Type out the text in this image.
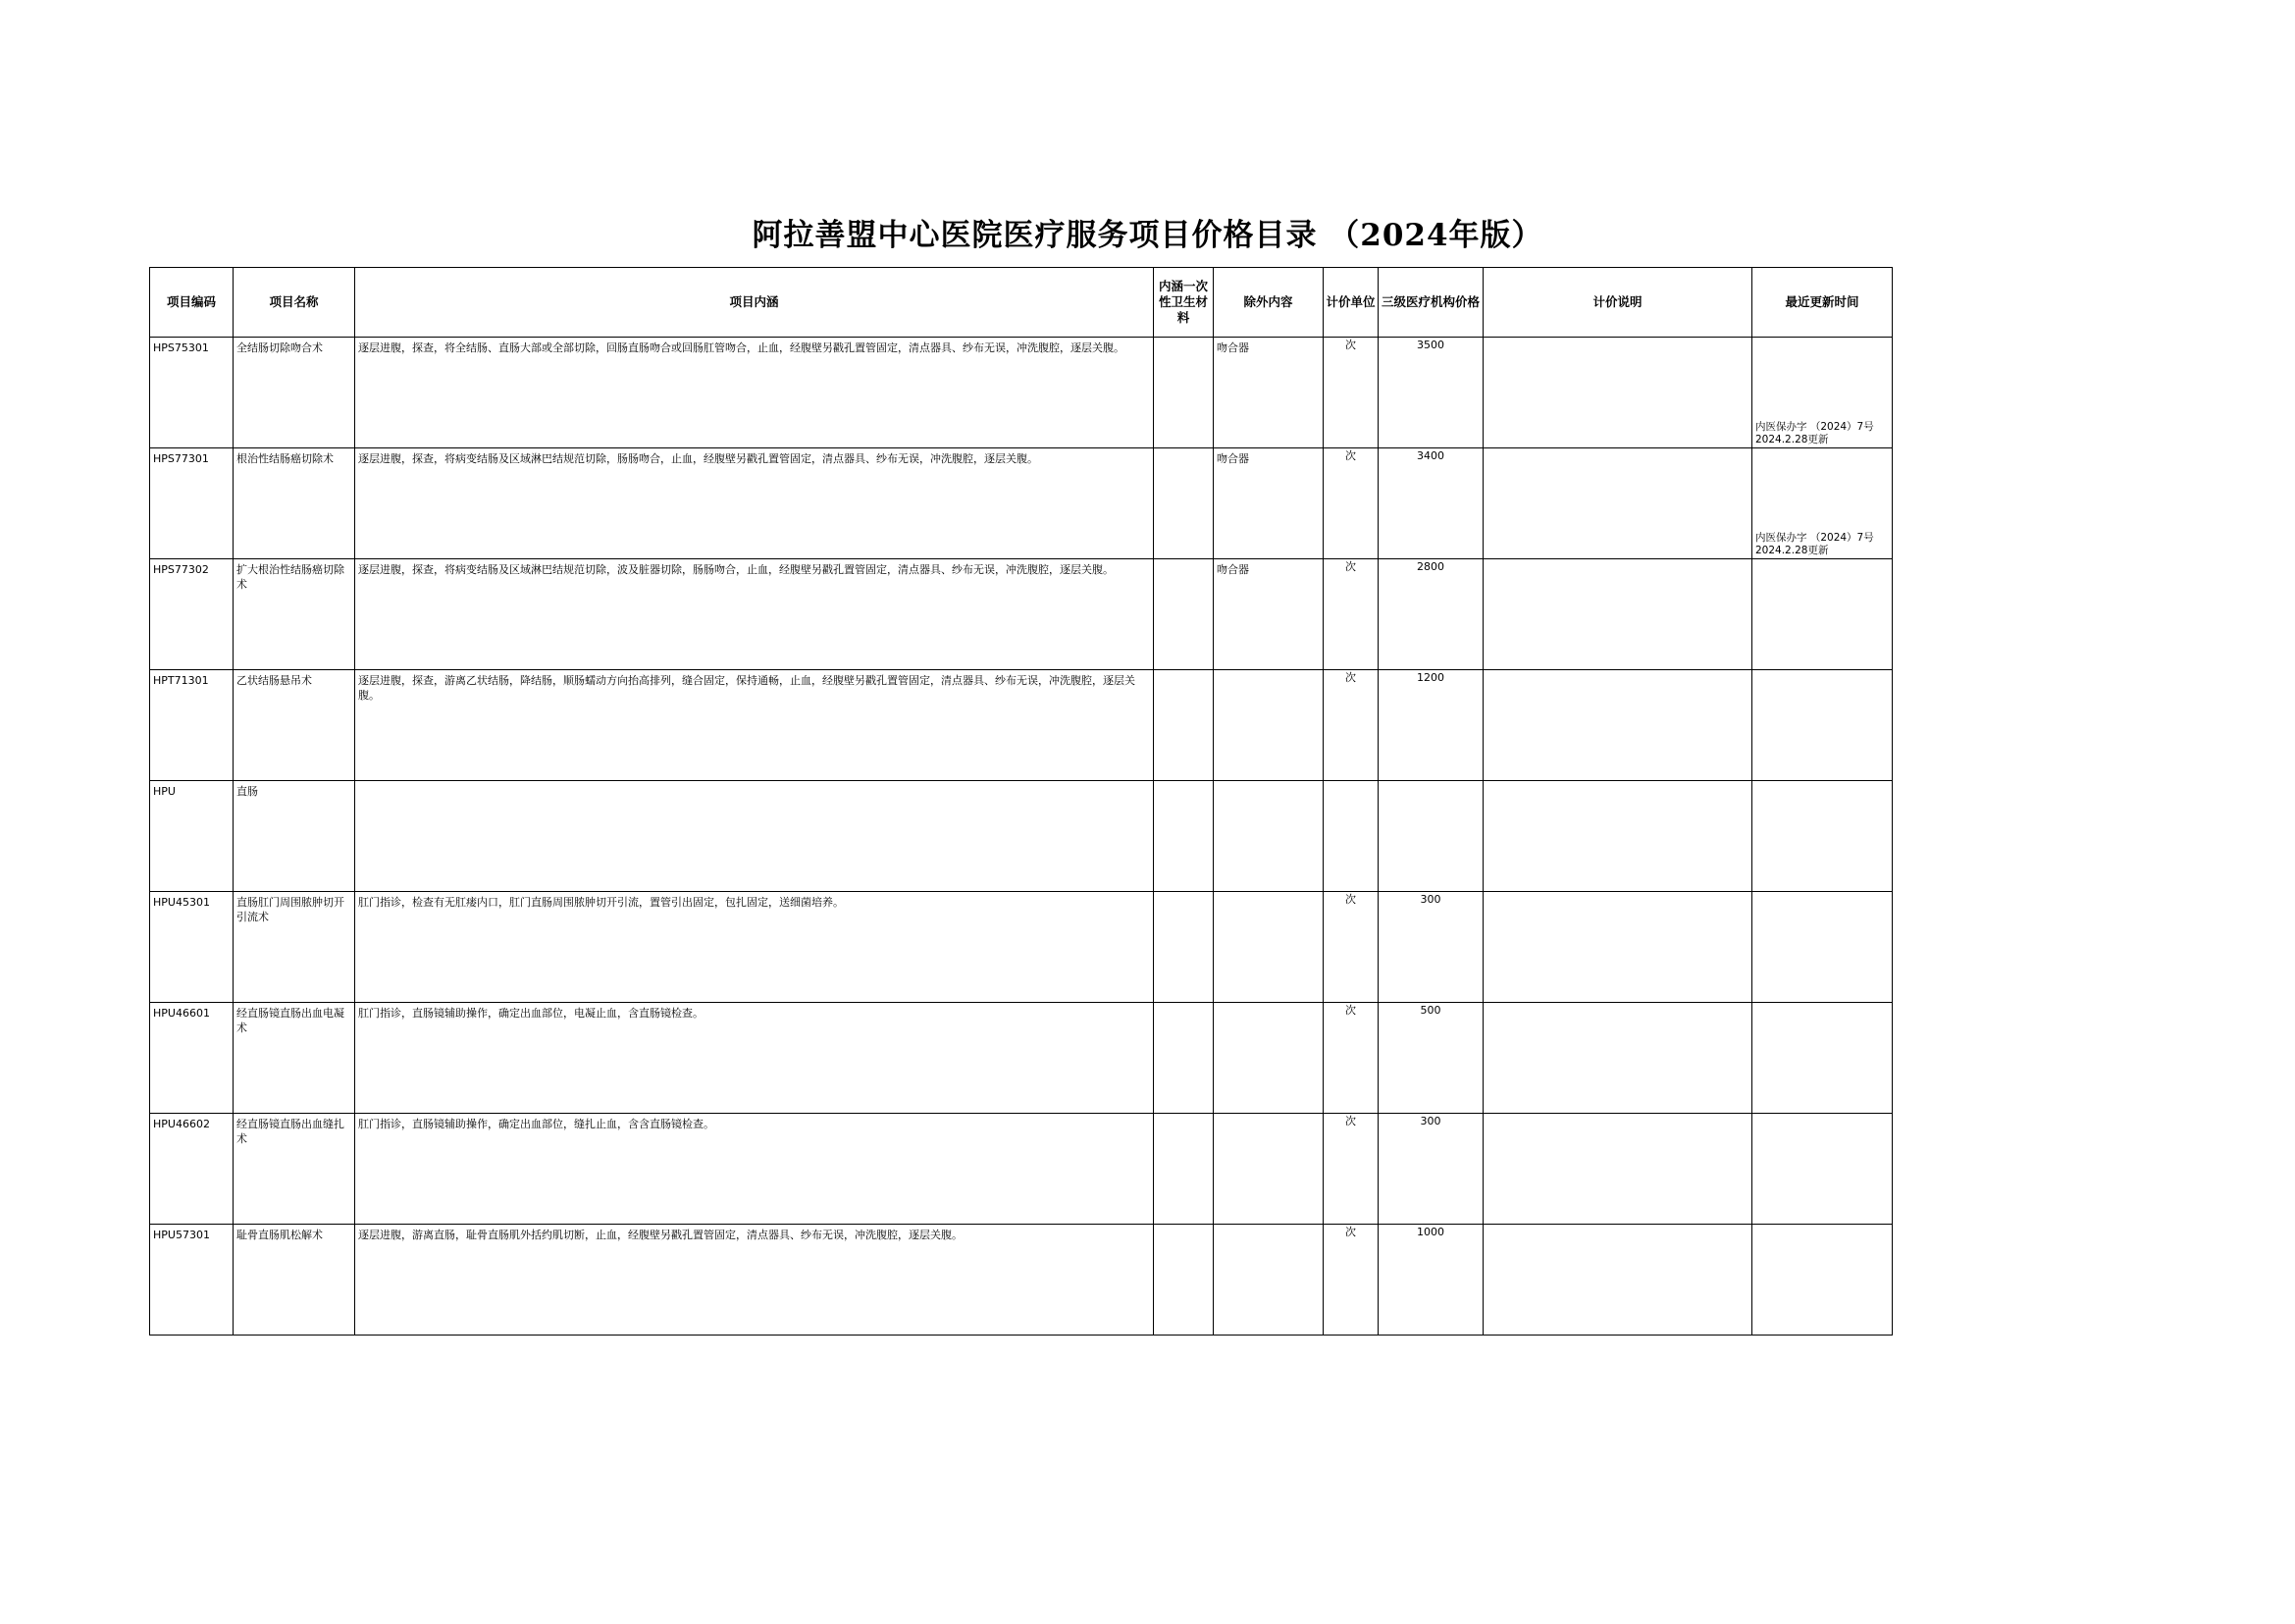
阿拉善盟中心医院医疗服务项目价格目录 （2024年版）
项目编码	项目名称	项目内涵	内涵一次性卫生材料	除外内容	计价单位	三级医疗机构价格	计价说明	最近更新时间

HPS75301	全结肠切除吻合术	逐层进腹，探查，将全结肠、直肠大部或全部切除，回肠直肠吻合或回肠肛管吻合，止血，经腹壁另戳孔置管固定，清点器具、纱布无误，冲洗腹腔，逐层关腹。		吻合器	次	3500		内医保办字 （2024）7号 2024.2.28更新

HPS77301	根治性结肠癌切除术	逐层进腹，探查，将病变结肠及区域淋巴结规范切除，肠肠吻合，止血，经腹壁另戳孔置管固定，清点器具、纱布无误，冲洗腹腔，逐层关腹。		吻合器	次	3400		内医保办字 （2024）7号 2024.2.28更新

HPS77302	扩大根治性结肠癌切除术	逐层进腹，探查，将病变结肠及区域淋巴结规范切除，波及脏器切除，肠肠吻合，止血，经腹壁另戳孔置管固定，清点器具、纱布无误，冲洗腹腔，逐层关腹。		吻合器	次	2800	

HPT71301	乙状结肠悬吊术	逐层进腹，探查，游离乙状结肠，降结肠，顺肠蠕动方向抬高排列，缝合固定，保持通畅，止血，经腹壁另戳孔置管固定，清点器具、纱布无误，冲洗腹腔，逐层关腹。			次	1200	

HPU	直肠							

HPU45301	直肠肛门周围脓肿切开引流术	肛门指诊，检查有无肛瘘内口，肛门直肠周围脓肿切开引流，置管引出固定，包扎固定，送细菌培养。			次	300	

HPU46601	经直肠镜直肠出血电凝术	肛门指诊，直肠镜辅助操作，确定出血部位，电凝止血，含直肠镜检查。			次	500	

HPU46602	经直肠镜直肠出血缝扎术	肛门指诊，直肠镜辅助操作，确定出血部位，缝扎止血，含含直肠镜检查。			次	300	

HPU57301	耻骨直肠肌松解术	逐层进腹，游离直肠，耻骨直肠肌外括约肌切断，止血，经腹壁另戳孔置管固定，清点器具、纱布无误，冲洗腹腔，逐层关腹。			次	1000	
